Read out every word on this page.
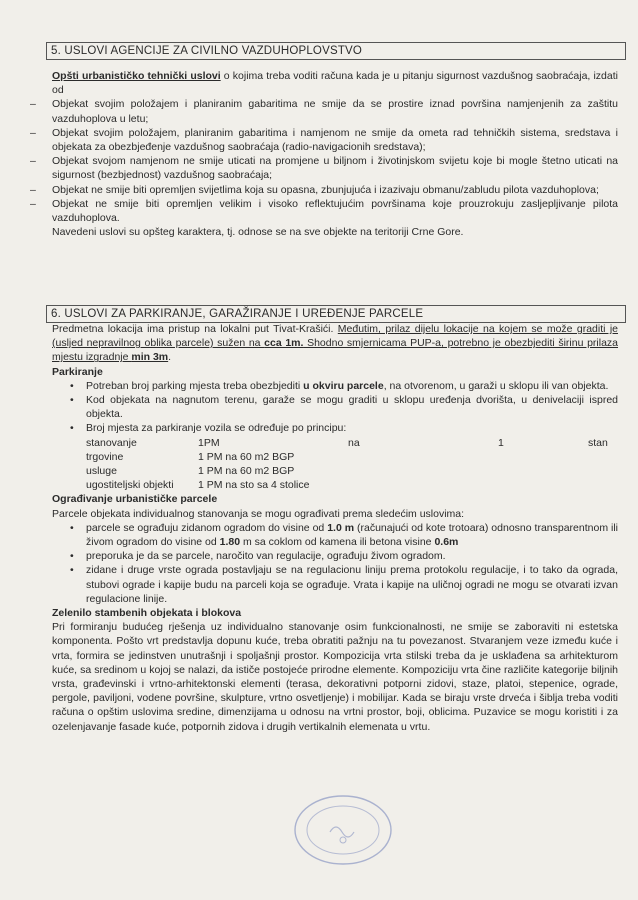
5. USLOVI AGENCIJE ZA CIVILNO VAZDUHOPLOVSTVO

Opšti urbanističko tehnički uslovi o kojima treba voditi računa kada je u pitanju sigurnost vazdušnog saobraćaja, izdati od

– Objekat svojim položajem i planiranim gabaritima ne smije da se prostire iznad površina namjenjenih za zaštitu vazduhoplova u letu;

– Objekat svojim položajem, planiranim gabaritima i namjenom ne smije da ometa rad tehničkih sistema, sredstava i objekata za obezbjeđenje vazdušnog saobraćaja (radio-navigacionih sredstava);

– Objekat svojom namjenom ne smije uticati na promjene u biljnom i životinjskom svijetu koje bi mogle štetno uticati na sigurnost (bezbjednost) vazdušnog saobraćaja;

– Objekat ne smije biti opremljen svijetlima koja su opasna, zbunjujuća i izazivaju obmanu/zabludu pilota vazduhoplova;

– Objekat ne smije biti opremljen velikim i visoko reflektujućim površinama koje prouzrokuju zasljepljivanje pilota vazduhoplova.

Navedeni uslovi su opšteg karaktera, tj. odnose se na sve objekte na teritoriji Crne Gore.

6. USLOVI ZA PARKIRANJE, GARAŽIRANJE I UREĐENJE PARCELE

Predmetna lokacija ima pristup na lokalni put Tivat-Krašići. Međutim, prilaz dijelu lokacije na kojem se može graditi je (usljed nepravilnog oblika parcele) sužen na cca 1m. Shodno smjernicama PUP-a, potrebno je obezbjediti širinu prilaza mjestu izgradnje min 3m.

Parkiranje

• Potreban broj parking mjesta treba obezbjediti u okviru parcele, na otvorenom, u garaži u sklopu ili van objekta.
• Kod objekata na nagnutom terenu, garaže se mogu graditi u sklopu uređenja dvorišta, u denivelaciji ispred objekta.
• Broj mjesta za parkiranje vozila se određuje po principu:
stanovanje	1PM	na	1	stan
trgovine	1 PM na 60 m2 BGP
usluge	1 PM na 60 m2 BGP
ugostiteljski objekti	1 PM na sto sa 4 stolice

Ograđivanje urbanističke parcele

Parcele objekata individualnog stanovanja se mogu ograđivati prema sledećim uslovima:

• parcele se ograđuju zidanom ogradom do visine od 1.0 m (računajući od kote trotoara) odnosno transparentnom ili živom ogradom do visine od 1.80 m sa coklom od kamena ili betona visine 0.6m
• preporuka je da se parcele, naročito van regulacije, ograđuju živom ogradom.
• zidane i druge vrste ograda postavljaju se na regulacionu liniju prema protokolu regulacije, i to tako da ograda, stubovi ograde i kapije budu na parceli koja se ograđuje. Vrata i kapije na uličnoj ogradi ne mogu se otvarati izvan regulacione linije.

Zelenilo stambenih objekata i blokova

Pri formiranju budućeg rješenja uz individualno stanovanje osim funkcionalnosti, ne smije se zaboraviti ni estetska komponenta. Pošto vrt predstavlja dopunu kuće, treba obratiti pažnju na tu povezanost. Stvaranjem veze između kuće i vrta, formira se jedinstven unutrašnji i spoljašnji prostor. Kompozicija vrta stilski treba da je usklađena sa arhitekturom kuće, sa sredinom u kojoj se nalazi, da ističe postojeće prirodne elemente. Kompoziciju vrta čine različite kategorije biljnih vrsta, građevinski i vrtno-arhitektonski elementi (terasa, dekorativni potporni zidovi, staze, platoi, stepenice, ograde, pergole, paviljoni, vodene površine, skulpture, vrtno osvetljenje) i mobilijar. Kada se biraju vrste drveća i šiblja treba voditi računa o opštim uslovima sredine, dimenzijama u odnosu na vrtni prostor, boji, oblicima. Puzavice se mogu koristiti i za ozelenjavanje fasade kuće, potpornih zidova i drugih vertikalnih elemenata u vrtu.
